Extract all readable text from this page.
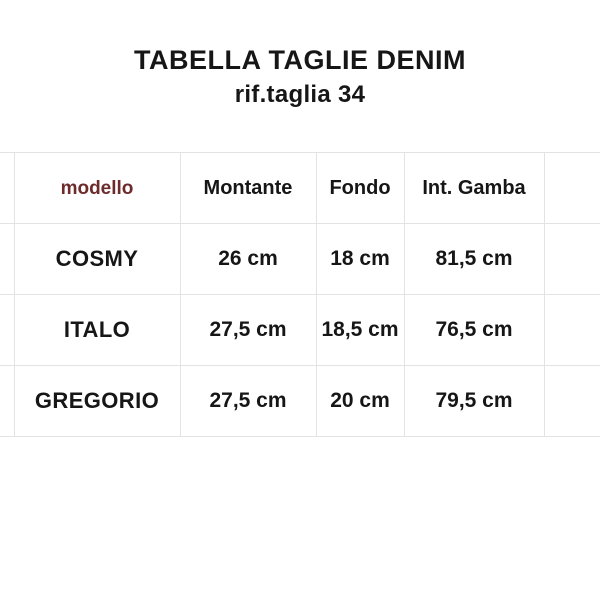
TABELLA TAGLIE DENIM
rif.taglia 34
	modello	Montante	Fondo	Int. Gamba	
	COSMY	26 cm	18 cm	81,5 cm	
	ITALO	27,5 cm	18,5 cm	76,5 cm	
	GREGORIO	27,5 cm	20 cm	79,5 cm	
